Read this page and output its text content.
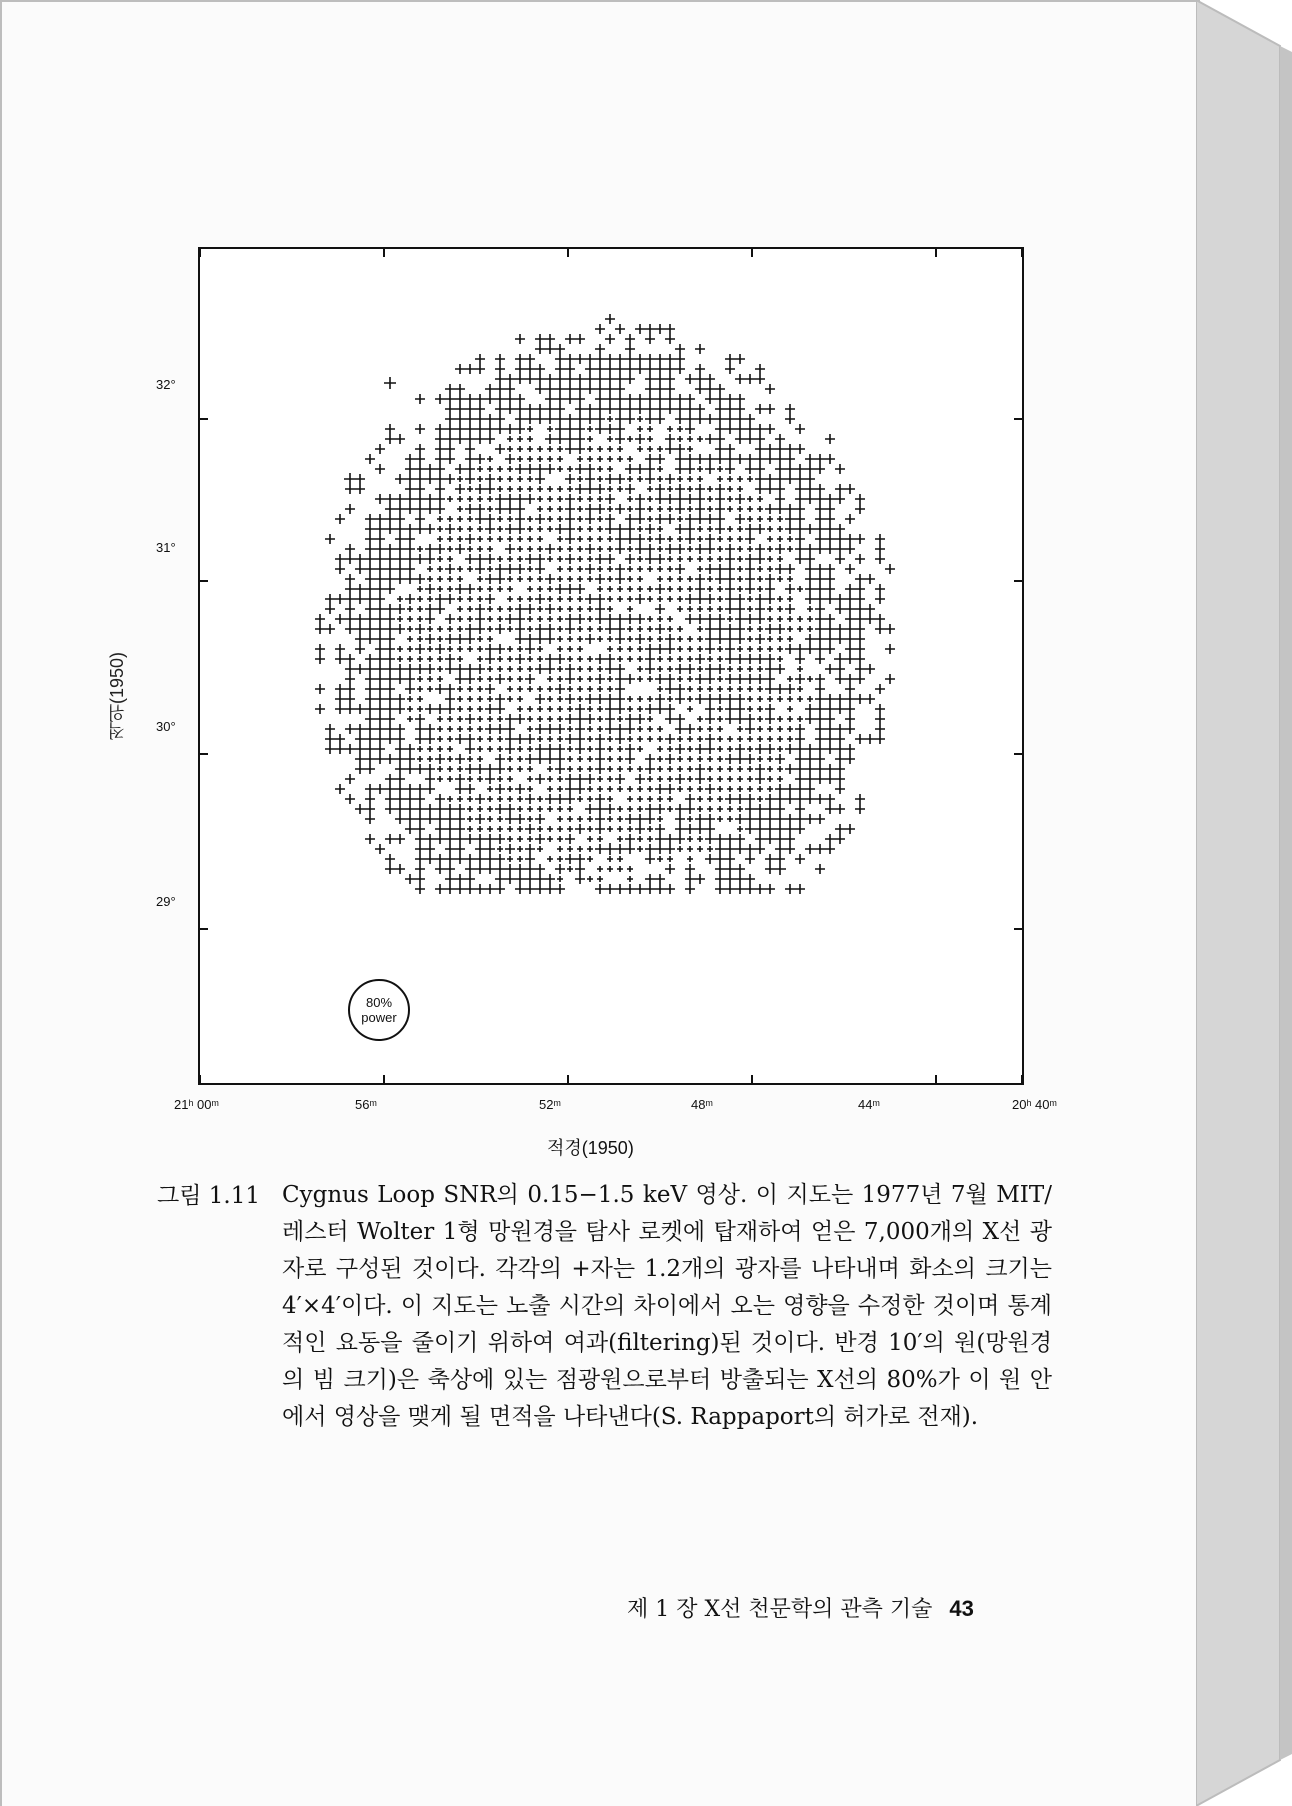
80%
power
32°
31°
30°
29°
적위(1950)
21ʰ 00ᵐ	56ᵐ	52ᵐ	48ᵐ	44ᵐ	20ʰ 40ᵐ
적경(1950)
그림 1.11 Cygnus Loop SNR의 0.15−1.5 keV 영상. 이 지도는 1977년 7월 MIT/레스터 Wolter 1형 망원경을 탐사 로켓에 탑재하여 얻은 7,000개의 X선 광자로 구성된 것이다. 각각의 +자는 1.2개의 광자를 나타내며 화소의 크기는 4′×4′이다. 이 지도는 노출 시간의 차이에서 오는 영향을 수정한 것이며 통계적인 요동을 줄이기 위하여 여과(filtering)된 것이다. 반경 10′의 원(망원경의 빔 크기)은 축상에 있는 점광원으로부터 방출되는 X선의 80%가 이 원 안에서 영상을 맺게 될 면적을 나타낸다(S. Rappaport의 허가로 전재).
제 1 장 X선 천문학의 관측 기술 43
